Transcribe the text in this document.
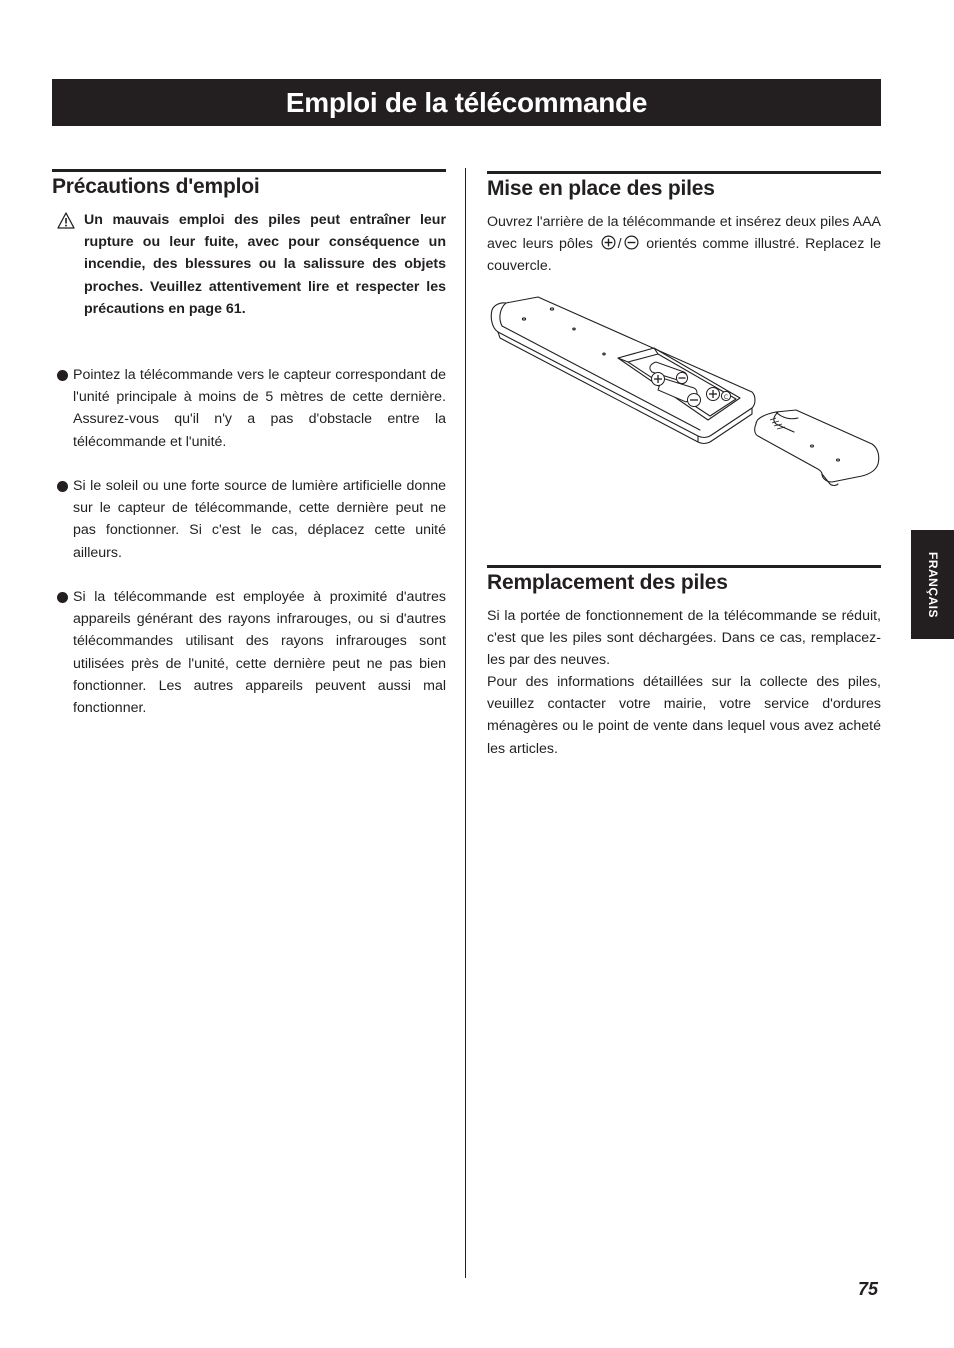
Emploi de la télécommande
Précautions d'emploi

Un mauvais emploi des piles peut entraîner leur rupture ou leur fuite, avec pour conséquence un incendie, des blessures ou la salissure des objets proches. Veuillez attentivement lire et respecter les précautions en page 61.

Pointez la télécommande vers le capteur correspondant de l'unité principale à moins de 5 mètres de cette dernière. Assurez-vous qu'il n'y a pas d'obstacle entre la télécommande et l'unité.

Si le soleil ou une forte source de lumière artificielle donne sur le capteur de télécommande, cette dernière peut ne pas fonctionner. Si c'est le cas, déplacez cette unité ailleurs.

Si la télécommande est employée à proximité d'autres appareils générant des rayons infrarouges, ou si d'autres télécommandes utilisant des rayons infrarouges sont utilisées près de l'unité, cette dernière peut ne pas bien fonctionner. Les autres appareils peuvent aussi mal fonctionner.

Mise en place des piles

Ouvrez l'arrière de la télécommande et insérez deux piles AAA avec leurs pôles / orientés comme illustré. Replacez le couvercle.

C
Remplacement des piles

Si la portée de fonctionnement de la télécommande se réduit, c'est que les piles sont déchargées. Dans ce cas, remplacez-les par des neuves.

Pour des informations détaillées sur la collecte des piles, veuillez contacter votre mairie, votre service d'ordures ménagères ou le point de vente dans lequel vous avez acheté les articles.

FRANÇAIS
75
